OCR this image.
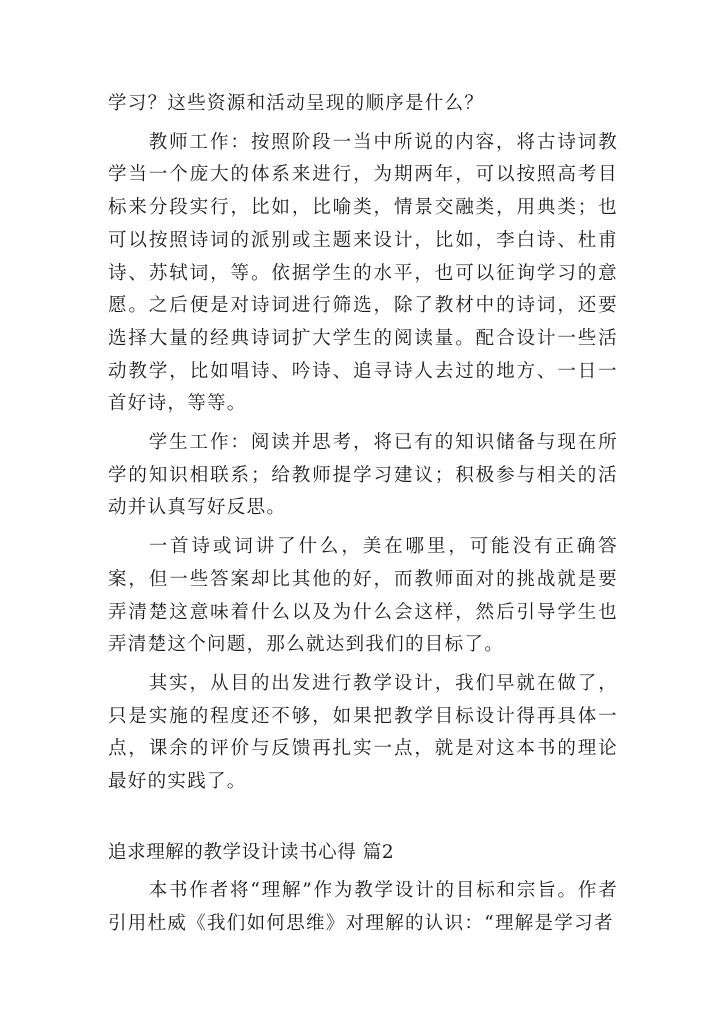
学习？这些资源和活动呈现的顺序是什么？

教师工作：按照阶段一当中所说的内容，将古诗词教学当一个庞大的体系来进行，为期两年，可以按照高考目标来分段实行，比如，比喻类，情景交融类，用典类；也可以按照诗词的派别或主题来设计，比如，李白诗、杜甫诗、苏轼词，等。依据学生的水平，也可以征询学习的意愿。之后便是对诗词进行筛选，除了教材中的诗词，还要选择大量的经典诗词扩大学生的阅读量。配合设计一些活动教学，比如唱诗、吟诗、追寻诗人去过的地方、一日一首好诗，等等。

学生工作：阅读并思考，将已有的知识储备与现在所学的知识相联系；给教师提学习建议；积极参与相关的活动并认真写好反思。

一首诗或词讲了什么，美在哪里，可能没有正确答案，但一些答案却比其他的好，而教师面对的挑战就是要弄清楚这意味着什么以及为什么会这样，然后引导学生也弄清楚这个问题，那么就达到我们的目标了。

其实，从目的出发进行教学设计，我们早就在做了，只是实施的程度还不够，如果把教学目标设计得再具体一点，课余的评价与反馈再扎实一点，就是对这本书的理论最好的实践了。

追求理解的教学设计读书心得 篇2

本书作者将“理解”作为教学设计的目标和宗旨。作者引用杜威《我们如何思维》对理解的认识：“理解是学习者
